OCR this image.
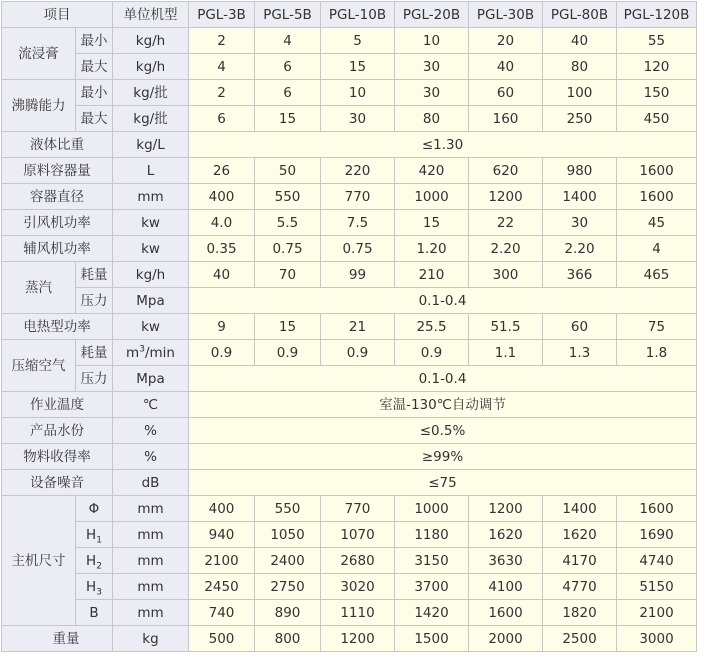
项目		单位机型	PGL-3B	PGL-5B	PGL-10B	PGL-20B	PGL-30B	PGL-80B	PGL-120B
流浸膏	最小	kg/h	2	4	5	10	20	40	55
	最大	kg/h	4	6	15	30	40	80	120
沸腾能力	最小	kg/批	2	6	10	30	60	100	150
	最大	kg/批	6	15	30	80	160	250	450
液体比重		kg/L	≤1.30						
原料容器量		L	26	50	220	420	620	980	1600
容器直径		mm	400	550	770	1000	1200	1400	1600
引风机功率		kw	4.0	5.5	7.5	15	22	30	45
辅风机功率		kw	0.35	0.75	0.75	1.20	2.20	2.20	4
蒸汽	耗量	kg/h	40	70	99	210	300	366	465
	压力	Mpa	0.1-0.4						
电热型功率		kw	9	15	21	25.5	51.5	60	75
压缩空气	耗量	$m^3/\min$	0.9	0.9	0.9	0.9	1.1	1.3	1.8
	压力	Mpa	0.1-0.4						
作业温度		℃	室温-130℃自动调节						
产品水份		%	≤0.5%						
物料收得率		%	≥99%						
设备噪音		dB	≤75						
主机尺寸	Φ	mm	400	550	770	1000	1200	1400	1600
	$H_1$	mm	940	1050	1070	1180	1620	1620	1690
	$H_2$	mm	2100	2400	2680	3150	3630	4170	4740
	$H_3$	mm	2450	2750	3020	3700	4100	4770	5150
	B	mm	740	890	1110	1420	1600	1820	2100
重量		kg	500	800	1200	1500	2000	2500	3000
